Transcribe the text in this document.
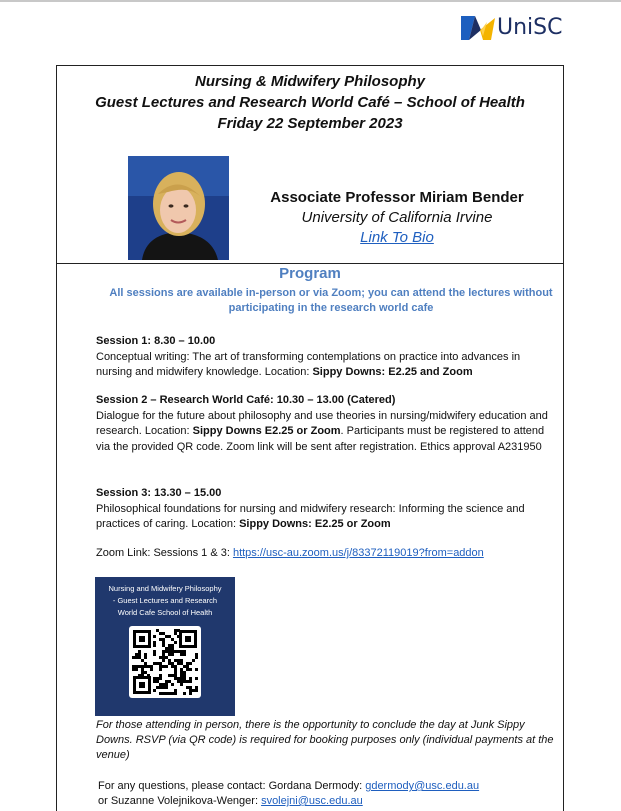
UniSC
Nursing & Midwifery Philosophy
Guest Lectures and Research World Café – School of Health
Friday 22 September 2023
Associate Professor Miriam Bender
University of California Irvine
Link To Bio
Program
All sessions are available in-person or via Zoom; you can attend the lectures without participating in the research world cafe
Session 1: 8.30 – 10.00
Conceptual writing: The art of transforming contemplations on practice into advances in nursing and midwifery knowledge. Location: Sippy Downs: E2.25 and Zoom
Session 2 – Research World Café: 10.30 – 13.00 (Catered)
Dialogue for the future about philosophy and use theories in nursing/midwifery education and research. Location: Sippy Downs E2.25 or Zoom. Participants must be registered to attend via the provided QR code. Zoom link will be sent after registration. Ethics approval A231950
Session 3: 13.30 – 15.00
Philosophical foundations for nursing and midwifery research: Informing the science and practices of caring. Location: Sippy Downs: E2.25 or Zoom
Zoom Link: Sessions 1 & 3: https://usc-au.zoom.us/j/83372119019?from=addon
Nursing and Midwifery Philosophy
- Guest Lectures and Research
World Cafe School of Health
For those attending in person, there is the opportunity to conclude the day at Junk Sippy Downs. RSVP (via QR code) is required for booking purposes only (individual payments at the venue)
For any questions, please contact: Gordana Dermody: gdermody@usc.edu.au
or Suzanne Volejnikova-Wenger: svolejni@usc.edu.au
